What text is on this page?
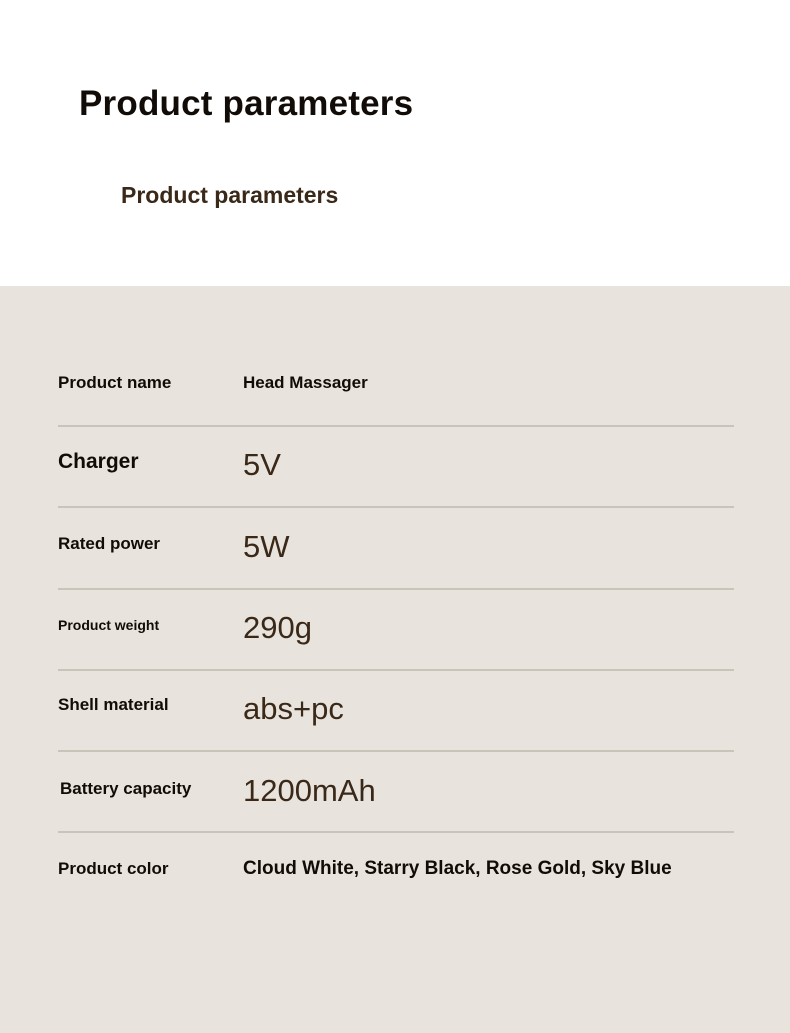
Product parameters
Product parameters
Product name	Head Massager
Charger	5V
Rated power	5W
Product weight	290g
Shell material abs+pc
Battery capacity 1200mAh
Product color	Cloud White, Starry Black, Rose Gold, Sky Blue
